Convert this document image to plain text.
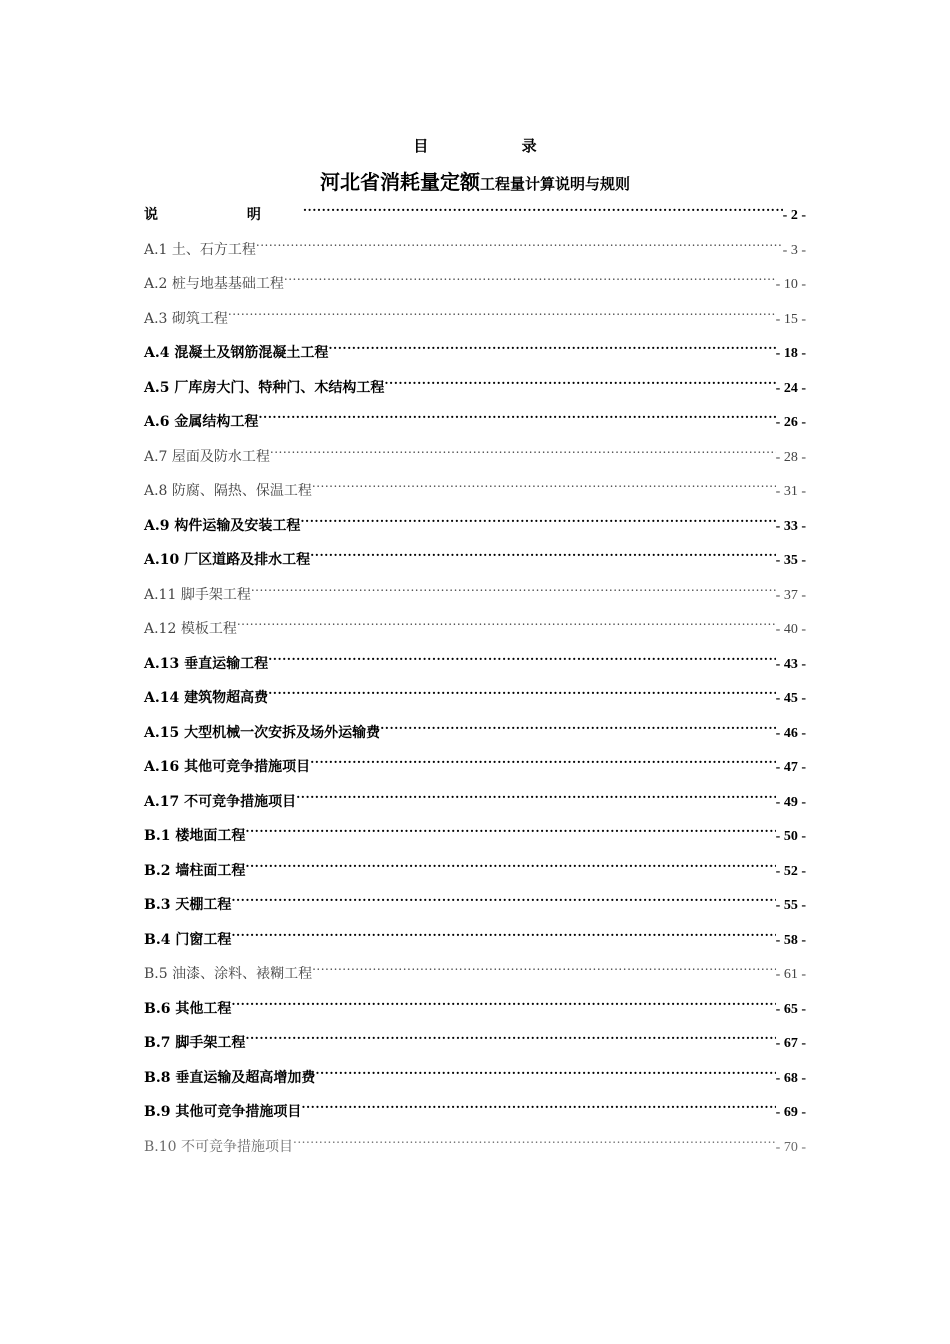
目 录
河北省消耗量定额工程量计算说明与规则
说 明 .....	- 2 -
A.1 土、石方工程 .....	- 3 -
A.2 桩与地基基础工程 .....	- 10 -
A.3 砌筑工程 .....	- 15 -
A.4 混凝土及钢筋混凝土工程 .....	- 18 -
A.5 厂库房大门、特种门、木结构工程 .....	- 24 -
A.6 金属结构工程 .....	- 26 -
A.7 屋面及防水工程 .....	- 28 -
A.8 防腐、隔热、保温工程 .....	- 31 -
A.9 构件运输及安装工程 .....	- 33 -
A.10 厂区道路及排水工程 .....	- 35 -
A.11 脚手架工程 .....	- 37 -
A.12 模板工程 .....	- 40 -
A.13 垂直运输工程 .....	- 43 -
A.14 建筑物超高费 .....	- 45 -
A.15 大型机械一次安拆及场外运输费 .....	- 46 -
A.16 其他可竞争措施项目 .....	- 47 -
A.17 不可竞争措施项目 .....	- 49 -
B.1 楼地面工程 .....	- 50 -
B.2 墙柱面工程 .....	- 52 -
B.3 天棚工程 .....	- 55 -
B.4 门窗工程 .....	- 58 -
B.5 油漆、涂料、裱糊工程 .....	- 61 -
B.6 其他工程 .....	- 65 -
B.7 脚手架工程 .....	- 67 -
B.8 垂直运输及超高增加费 .....	- 68 -
B.9 其他可竞争措施项目 .....	- 69 -
B.10 不可竞争措施项目 .....	- 70 -
